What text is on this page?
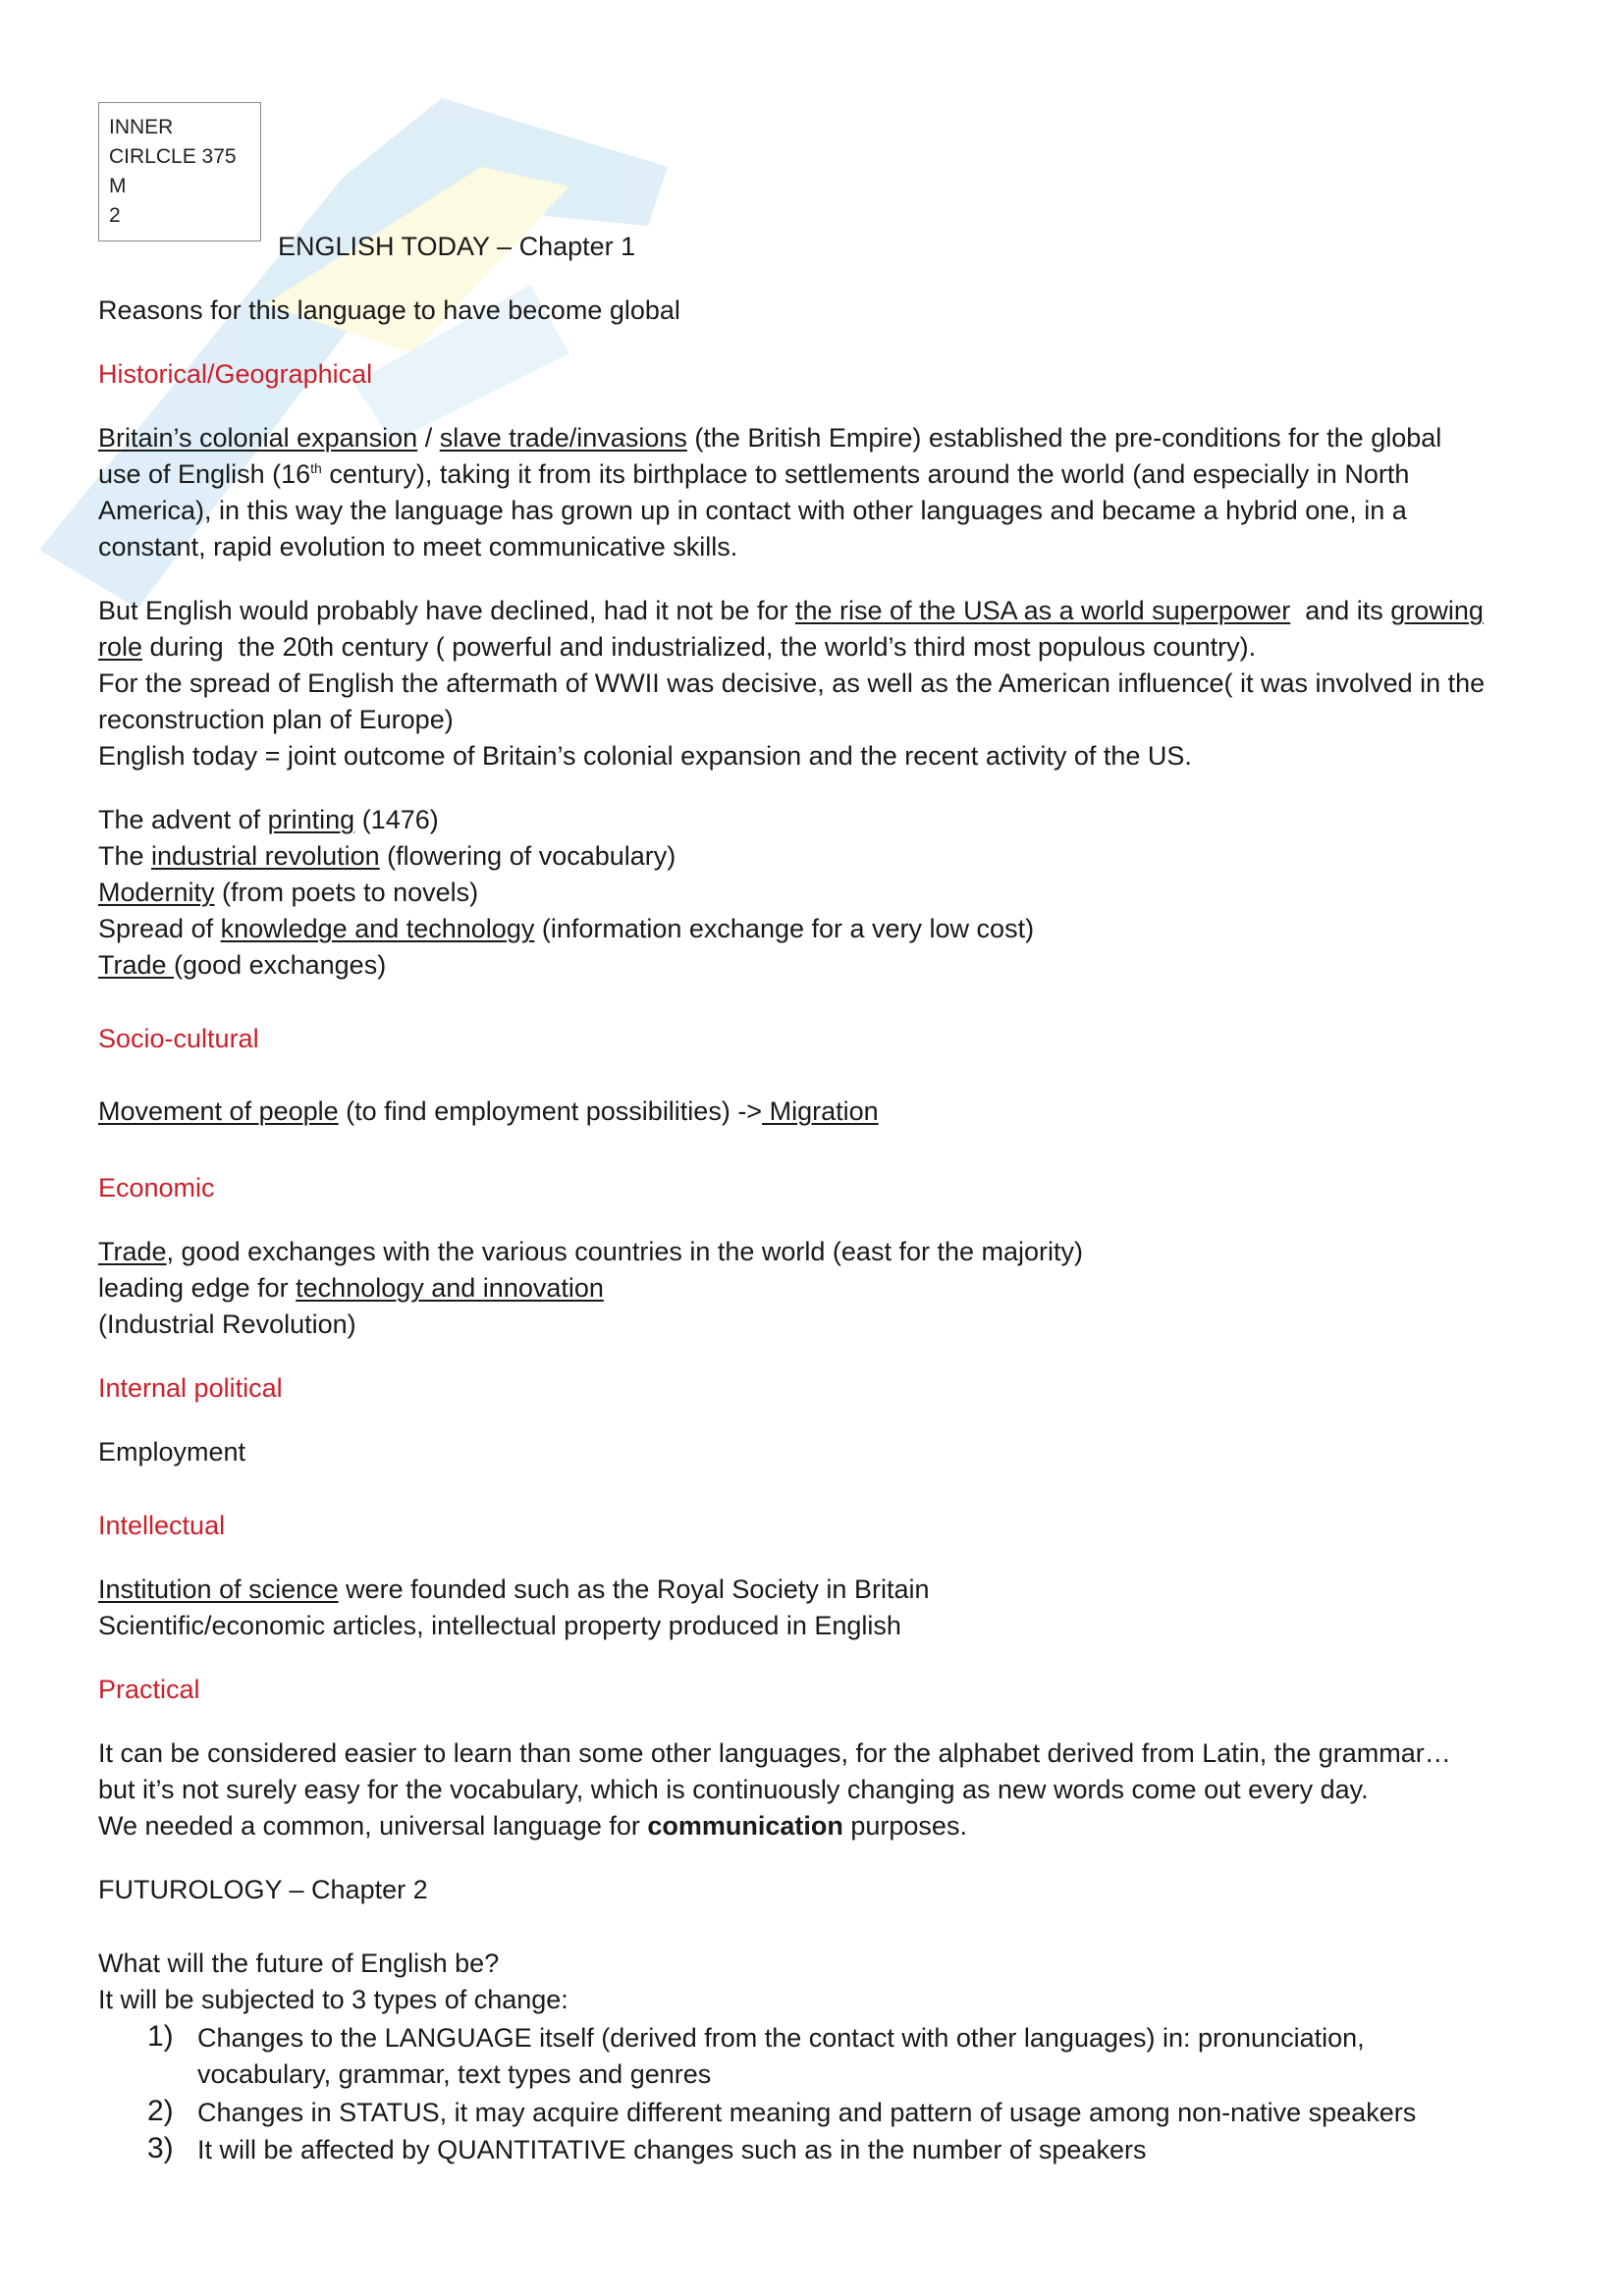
INNER
CIRLCLE 375
M
2
ENGLISH TODAY – Chapter 1
Reasons for this language to have become global
Historical/Geographical
Britain’s colonial expansion / slave trade/invasions (the British Empire) established the pre-conditions for the global
use of English (16th century), taking it from its birthplace to settlements around the world (and especially in North
America), in this way the language has grown up in contact with other languages and became a hybrid one, in a
constant, rapid evolution to meet communicative skills.
But English would probably have declined, had it not be for the rise of the USA as a world superpower  and its growing
role during  the 20th century ( powerful and industrialized, the world’s third most populous country).
For the spread of English the aftermath of WWII was decisive, as well as the American influence( it was involved in the
reconstruction plan of Europe)
English today = joint outcome of Britain’s colonial expansion and the recent activity of the US.
The advent of printing (1476)
The industrial revolution (flowering of vocabulary)
Modernity (from poets to novels)
Spread of knowledge and technology (information exchange for a very low cost)
Trade (good exchanges)
Socio-cultural
Movement of people (to find employment possibilities) -> Migration
Economic
Trade, good exchanges with the various countries in the world (east for the majority)
leading edge for technology and innovation
(Industrial Revolution)
Internal political
Employment
Intellectual
Institution of science were founded such as the Royal Society in Britain
Scientific/economic articles, intellectual property produced in English
Practical
It can be considered easier to learn than some other languages, for the alphabet derived from Latin, the grammar…
but it’s not surely easy for the vocabulary, which is continuously changing as new words come out every day.
We needed a common, universal language for communication purposes.
FUTUROLOGY – Chapter 2
What will the future of English be?
It will be subjected to 3 types of change:
1) Changes to the LANGUAGE itself (derived from the contact with other languages) in: pronunciation,
vocabulary, grammar, text types and genres
2) Changes in STATUS, it may acquire different meaning and pattern of usage among non-native speakers
3) It will be affected by QUANTITATIVE changes such as in the number of speakers
